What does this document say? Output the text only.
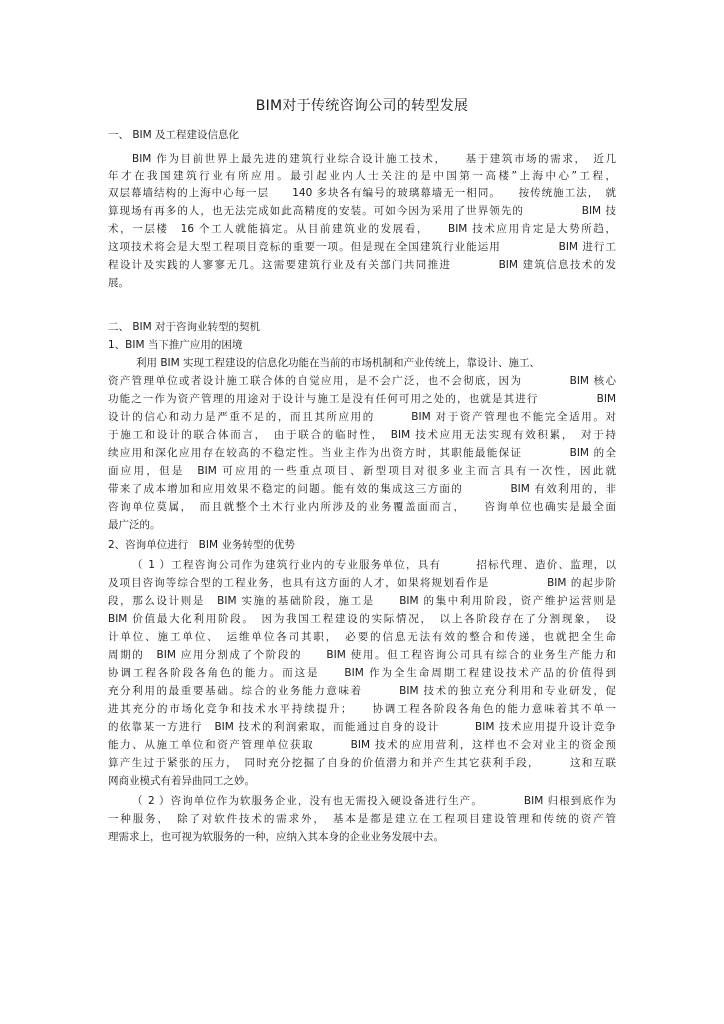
BIM对于传统咨询公司的转型发展
一、 BIM 及工程建设信息化
BIM 作为目前世界上最先进的建筑行业综合设计施工技术，　　基于建筑市场的需求，　近几
年才在我国建筑行业有所应用。最引起业内人士关注的是中国第一高楼”上海中心”工程，
双层幕墙结构的上海中心每一层　　140 多块各有编号的玻璃幕墙无一相同。　　按传统施工法，　就
算现场有再多的人，也无法完成如此高精度的安装。可如今因为采用了世界领先的　　　　　BIM 技
术，一层楼　16 个工人就能搞定。从目前建筑业的发展看，　　BIM 技术应用肯定是大势所趋，
这项技术将会是大型工程项目竞标的重要一项。但是现在全国建筑行业能运用　　　　　BIM 进行工
程设计及实践的人寥寥无几。这需要建筑行业及有关部门共同推进　　　　BIM 建筑信息技术的发
展。
二、 BIM 对于咨询业转型的契机
1、BIM 当下推广应用的困境
利用 BIM 实现工程建设的信息化功能在当前的市场机制和产业传统上，靠设计、施工、
资产管理单位或者设计施工联合体的自觉应用，是不会广泛，也不会彻底，因为　　　　BIM 核心
功能之一作为资产管理的用途对于设计与施工是没有任何可用之处的，也就是其进行　　　　　BIM
设计的信心和动力是严重不足的，而且其所应用的　　　BIM 对于资产管理也不能完全适用。对
于施工和设计的联合体而言，　由于联合的临时性，　BIM 技术应用无法实现有效积累，　对于持
续应用和深化应用存在较高的不稳定性。当业主作为出资方时，其职能最能保证　　　　BIM 的全
面应用，但是　BIM 可应用的一些重点项目、新型项目对很多业主而言具有一次性，因此就
带来了成本增加和应用效果不稳定的问题。能有效的集成这三方面的　　　　BIM 有效利用的，非
咨询单位莫属，　而且就整个土木行业内所涉及的业务覆盖面而言，　　咨询单位也确实是最全面
最广泛的。
2、咨询单位进行　BIM 业务转型的优势
（ 1 ）工程咨询公司作为建筑行业内的专业服务单位，具有　　　招标代理、造价、监理，以
及项目咨询等综合型的工程业务，也具有这方面的人才，如果将规划看作是　　　　　BIM 的起步阶
段，那么设计则是　BIM 实施的基础阶段，施工是　　BIM 的集中利用阶段，资产维护运营则是
BIM 价值最大化利用阶段。　因为我国工程建设的实际情况，　以上各阶段存在了分割现象，　设
计单位、施工单位、　运维单位各司其职，　必要的信息无法有效的整合和传递，也就把全生命
周期的　BIM 应用分割成了个阶段的　　BIM 使用。但工程咨询公司具有综合的业务生产能力和
协调工程各阶段各角色的能力。而这是　　BIM 作为全生命周期工程建设技术产品的价值得到
充分利用的最重要基础。综合的业务能力意味着　　　BIM 技术的独立充分利用和专业研发，促
进其充分的市场化竞争和技术水平持续提升；　　协调工程各阶段各角色的能力意味着其不单一
的依靠某一方进行　BIM 技术的利润索取，而能通过自身的设计　　　BIM 技术应用提升设计竞争
能力、从施工单位和资产管理单位获取　　　BIM 技术的应用营利，这样也不会对业主的资金预
算产生过于紧张的压力，　同时充分挖掘了自身的价值潜力和并产生其它获利手段，　　　这和互联
网商业模式有着异曲同工之妙。
（ 2 ）咨询单位作为软服务企业，没有也无需投入硬设备进行生产。　　　　BIM 归根到底作为
一种服务，　除了对软件技术的需求外，　基本是都是建立在工程项目建设管理和传统的资产管
理需求上，也可视为软服务的一种，应纳入其本身的企业业务发展中去。
